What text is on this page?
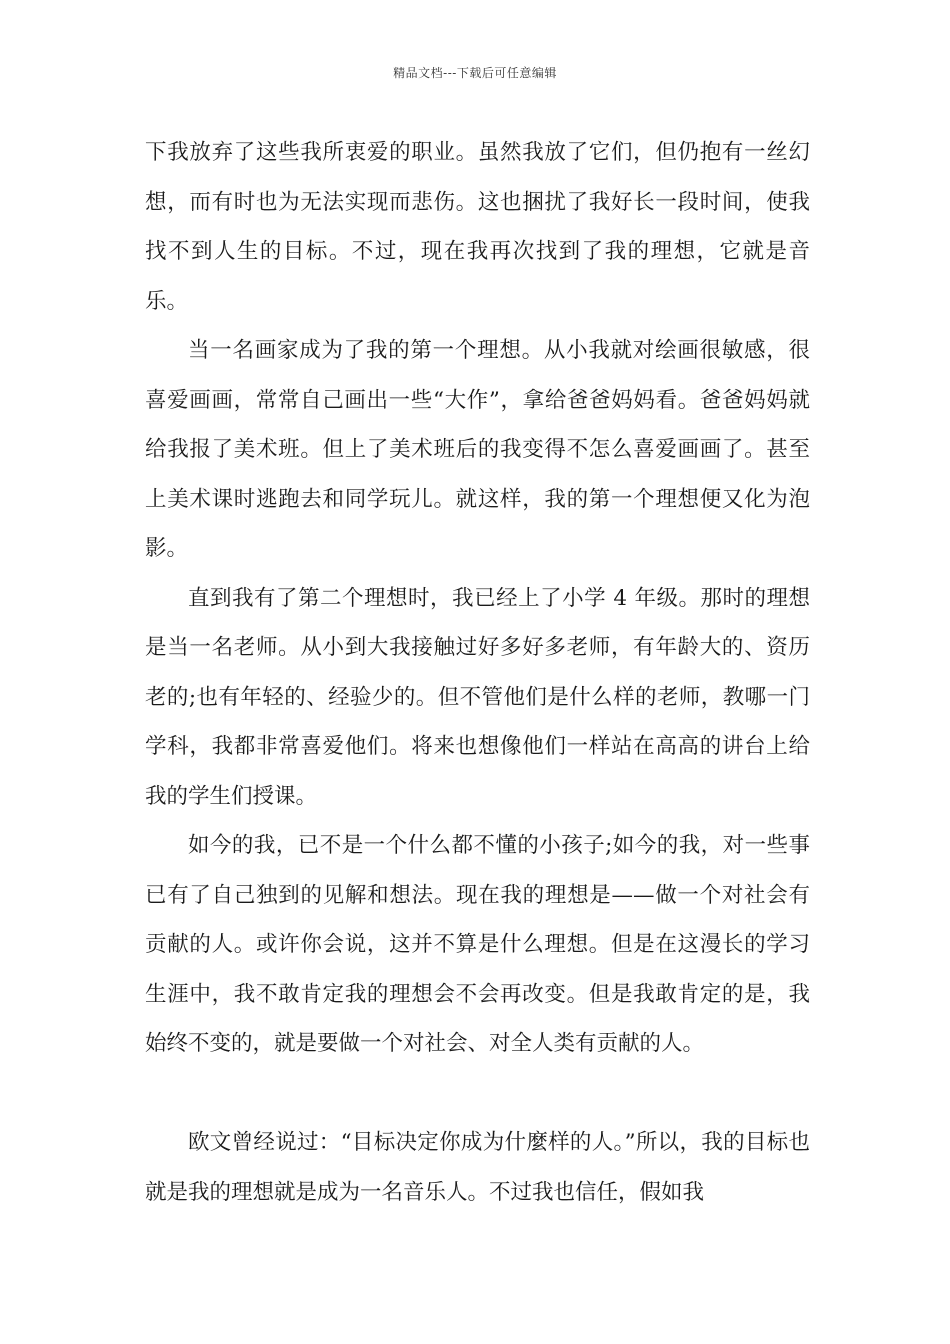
精品文档---下载后可任意编辑

下我放弃了这些我所衷爱的职业。虽然我放了它们，但仍抱有一丝幻想，而有时也为无法实现而悲伤。这也捆扰了我好长一段时间，使我找不到人生的目标。不过，现在我再次找到了我的理想，它就是音乐。

当一名画家成为了我的第一个理想。从小我就对绘画很敏感，很喜爱画画，常常自己画出一些“大作”，拿给爸爸妈妈看。爸爸妈妈就给我报了美术班。但上了美术班后的我变得不怎么喜爱画画了。甚至上美术课时逃跑去和同学玩儿。就这样，我的第一个理想便又化为泡影。

直到我有了第二个理想时，我已经上了小学 4 年级。那时的理想是当一名老师。从小到大我接触过好多好多老师，有年龄大的、资历老的;也有年轻的、经验少的。但不管他们是什么样的老师，教哪一门学科，我都非常喜爱他们。将来也想像他们一样站在高高的讲台上给我的学生们授课。

如今的我，已不是一个什么都不懂的小孩子;如今的我，对一些事已有了自己独到的见解和想法。现在我的理想是——做一个对社会有贡献的人。或许你会说，这并不算是什么理想。但是在这漫长的学习生涯中，我不敢肯定我的理想会不会再改变。但是我敢肯定的是，我始终不变的，就是要做一个对社会、对全人类有贡献的人。

欧文曾经说过：“目标决定你成为什麼样的人。”所以，我的目标也就是我的理想就是成为一名音乐人。不过我也信任，假如我
